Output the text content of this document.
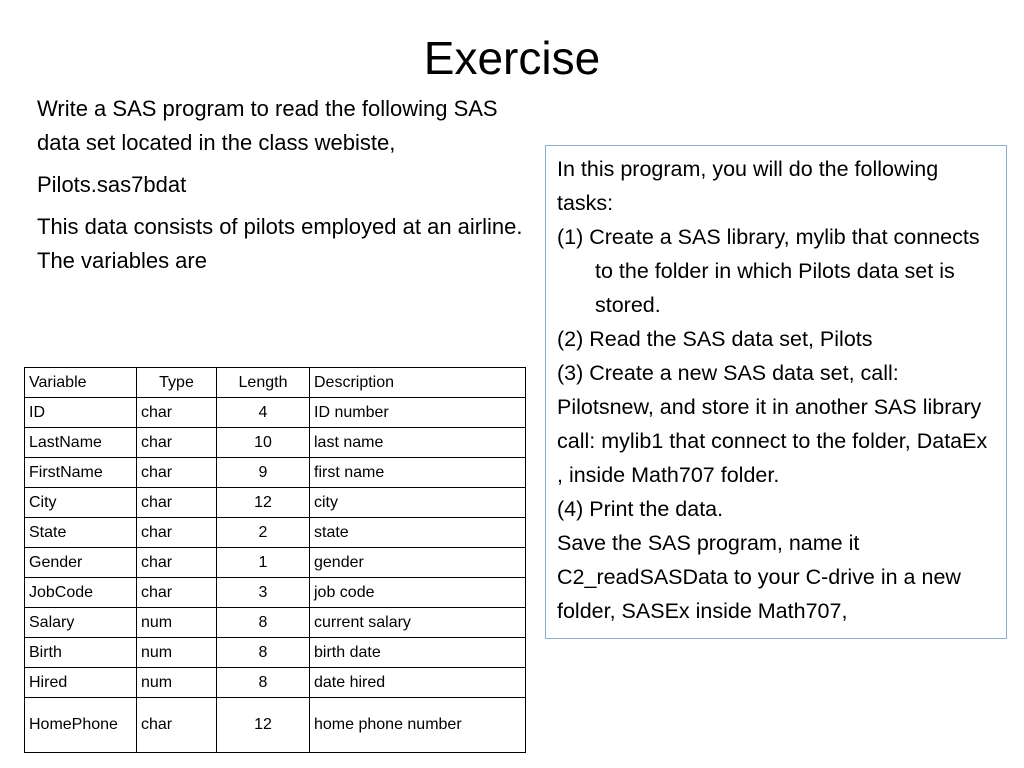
Exercise

Write a SAS program to read the following SAS data set located in the class webiste,

Pilots.sas7bdat

This data consists of pilots employed at an airline. The variables are

In this program, you will do the following tasks:
(1) Create a SAS library, mylib that connects to the folder in which Pilots data set is stored.
(2) Read the SAS data set, Pilots
(3) Create a new SAS data set, call: Pilotsnew, and store it in another SAS library call: mylib1 that connect to the folder, DataEx , inside Math707 folder.
(4) Print the data.
Save the SAS program, name it C2_readSASData to your C-drive in a new folder, SASEx inside Math707,
Variable	Type	Length	Description
ID	char	4	ID number
LastName	char	10	last name
FirstName	char	9	first name
City	char	12	city
State	char	2	state
Gender	char	1	gender
JobCode	char	3	job code
Salary	num	8	current salary
Birth	num	8	birth date
Hired	num	8	date hired
HomePhone	char	12	home phone number
